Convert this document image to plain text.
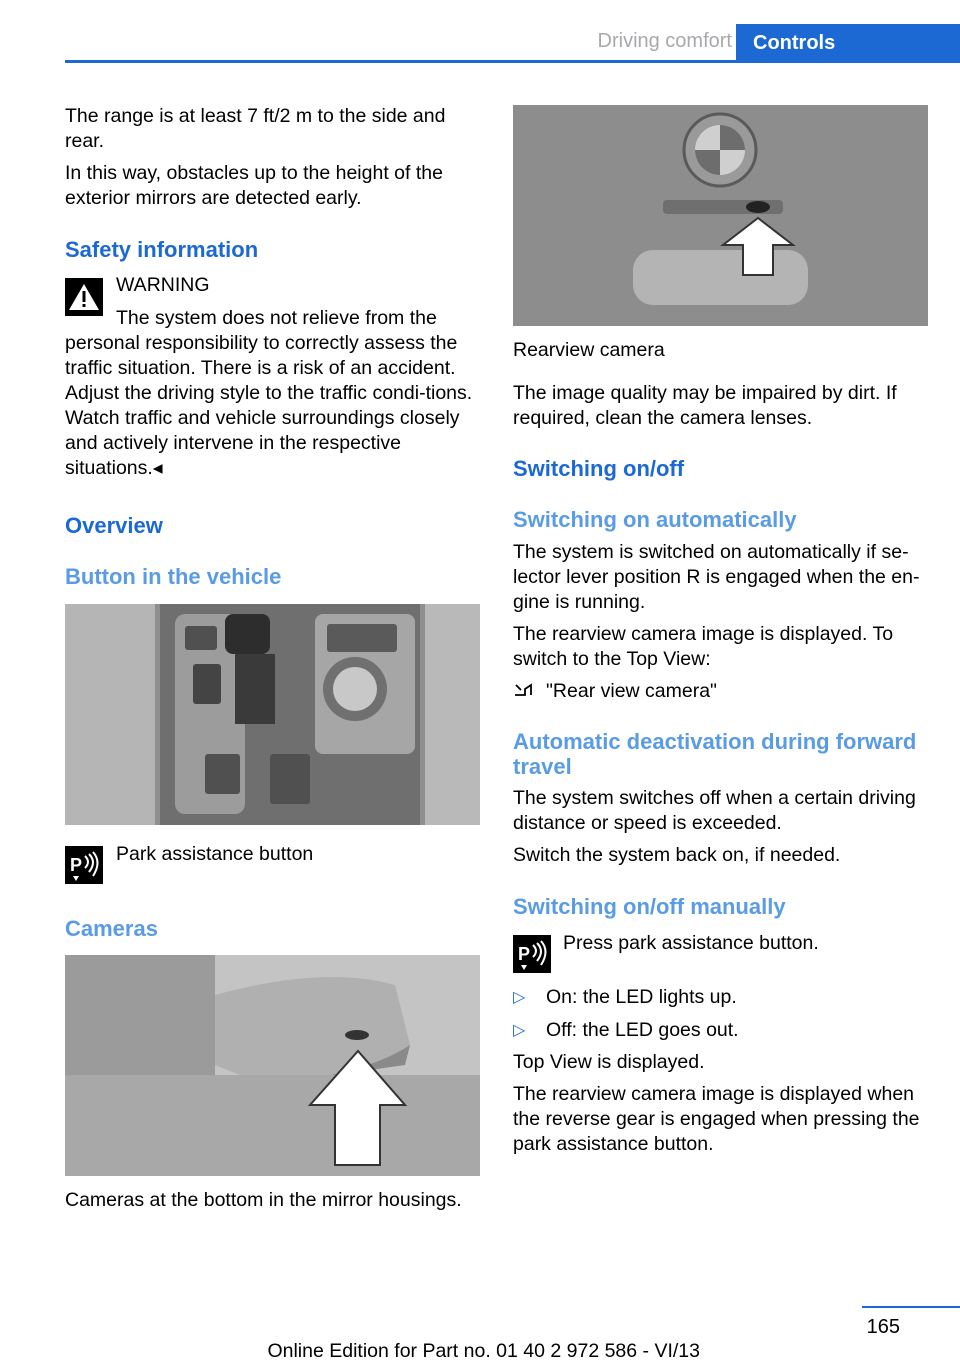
Driving comfort	Controls

The range is at least 7 ft/2 m to the side and rear.

In this way, obstacles up to the height of the exterior mirrors are detected early.

Safety information
WARNING
The system does not relieve from the

personal responsibility to correctly assess the traffic situation. There is a risk of an accident. Adjust the driving style to the traffic condi‐tions. Watch traffic and vehicle surroundings closely and actively intervene in the respective situations.◂

Overview
Button in the vehicle
P Park assistance button
Cameras

Cameras at the bottom in the mirror housings.

Rearview camera

The image quality may be impaired by dirt. If required, clean the camera lenses.

Switching on/off
Switching on automatically

The system is switched on automatically if se‐lector lever position R is engaged when the en‐gine is running.

The rearview camera image is displayed. To switch to the Top View:

"Rear view camera"
Automatic deactivation during forward travel

The system switches off when a certain driving distance or speed is exceeded.

Switch the system back on, if needed.

Switching on/off manually
P Press park assistance button.
▷ On: the LED lights up.
▷ Off: the LED goes out.
Top View is displayed.

The rearview camera image is displayed when the reverse gear is engaged when pressing the park assistance button.

165
Online Edition for Part no. 01 40 2 972 586 - VI/13
